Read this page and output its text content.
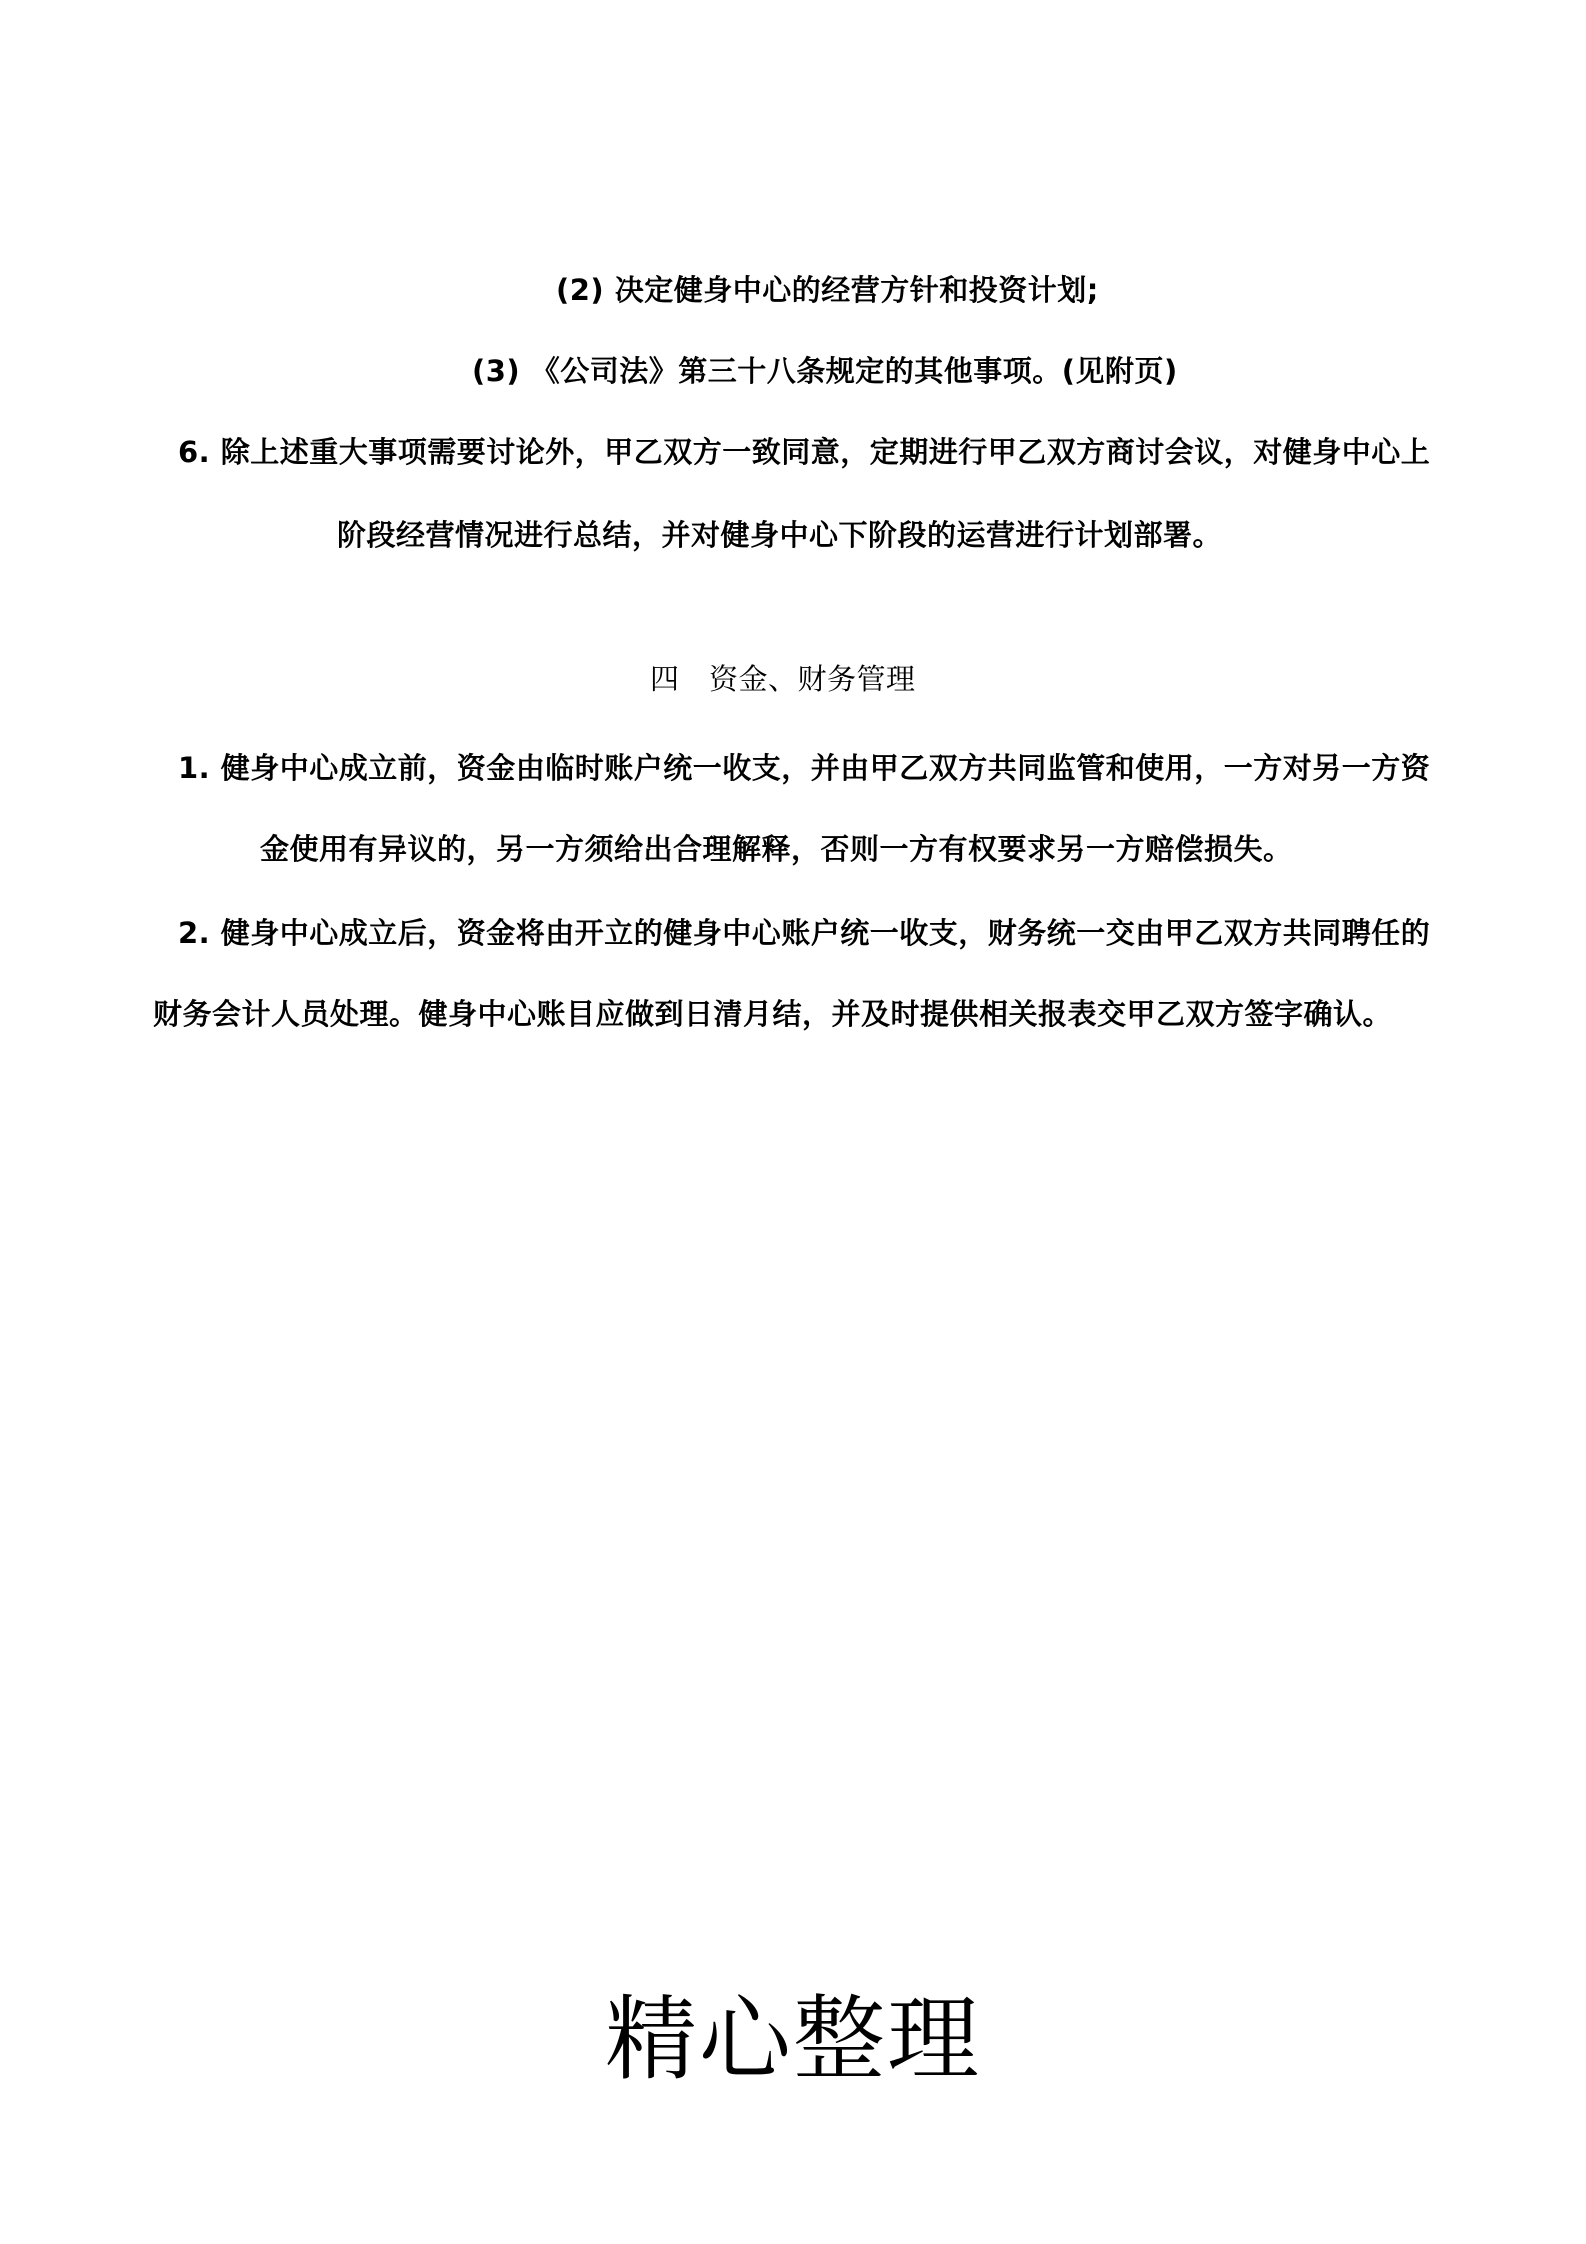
(2) 决定健身中心的经营方针和投资计划;
(3) 《公司法》第三十八条规定的其他事项。(见附页)
6. 除上述重大事项需要讨论外，甲乙双方一致同意，定期进行甲乙双方商讨会议，对健身中心上
阶段经营情况进行总结，并对健身中心下阶段的运营进行计划部署。
四　资金、财务管理
1. 健身中心成立前，资金由临时账户统一收支，并由甲乙双方共同监管和使用，一方对另一方资
金使用有异议的，另一方须给出合理解释，否则一方有权要求另一方赔偿损失。
2. 健身中心成立后，资金将由开立的健身中心账户统一收支，财务统一交由甲乙双方共同聘任的
财务会计人员处理。健身中心账目应做到日清月结，并及时提供相关报表交甲乙双方签字确认。
精心整理
